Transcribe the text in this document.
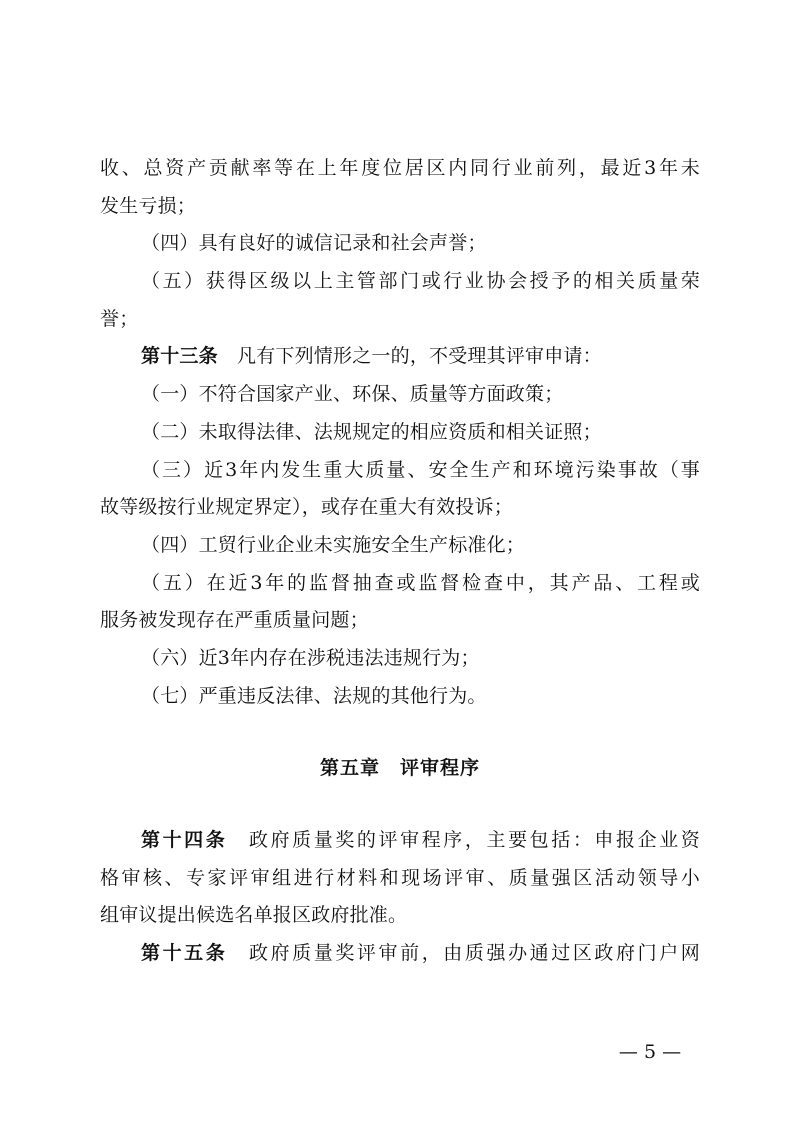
收、总资产贡献率等在上年度位居区内同行业前列，最近3年未
发生亏损；
（四）具有良好的诚信记录和社会声誉；
（五）获得区级以上主管部门或行业协会授予的相关质量荣
誉；
第十三条　 凡有下列情形之一的，不受理其评审申请：
（一）不符合国家产业、环保、质量等方面政策；
（二）未取得法律、法规规定的相应资质和相关证照；
（三）近3年内发生重大质量、安全生产和环境污染事故（事
故等级按行业规定界定），或存在重大有效投诉；
（四）工贸行业企业未实施安全生产标准化；
（五）在近3年的监督抽查或监督检查中，其产品、工程或
服务被发现存在严重质量问题；
（六）近3年内存在涉税违法违规行为；
（七）严重违反法律、法规的其他行为。
第五章　评审程序
第十四条　 政府质量奖的评审程序，主要包括：申报企业资
格审核、专家评审组进行材料和现场评审、质量强区活动领导小
组审议提出候选名单报区政府批准。
第十五条　 政府质量奖评审前，由质强办通过区政府门户网
— 5 —
